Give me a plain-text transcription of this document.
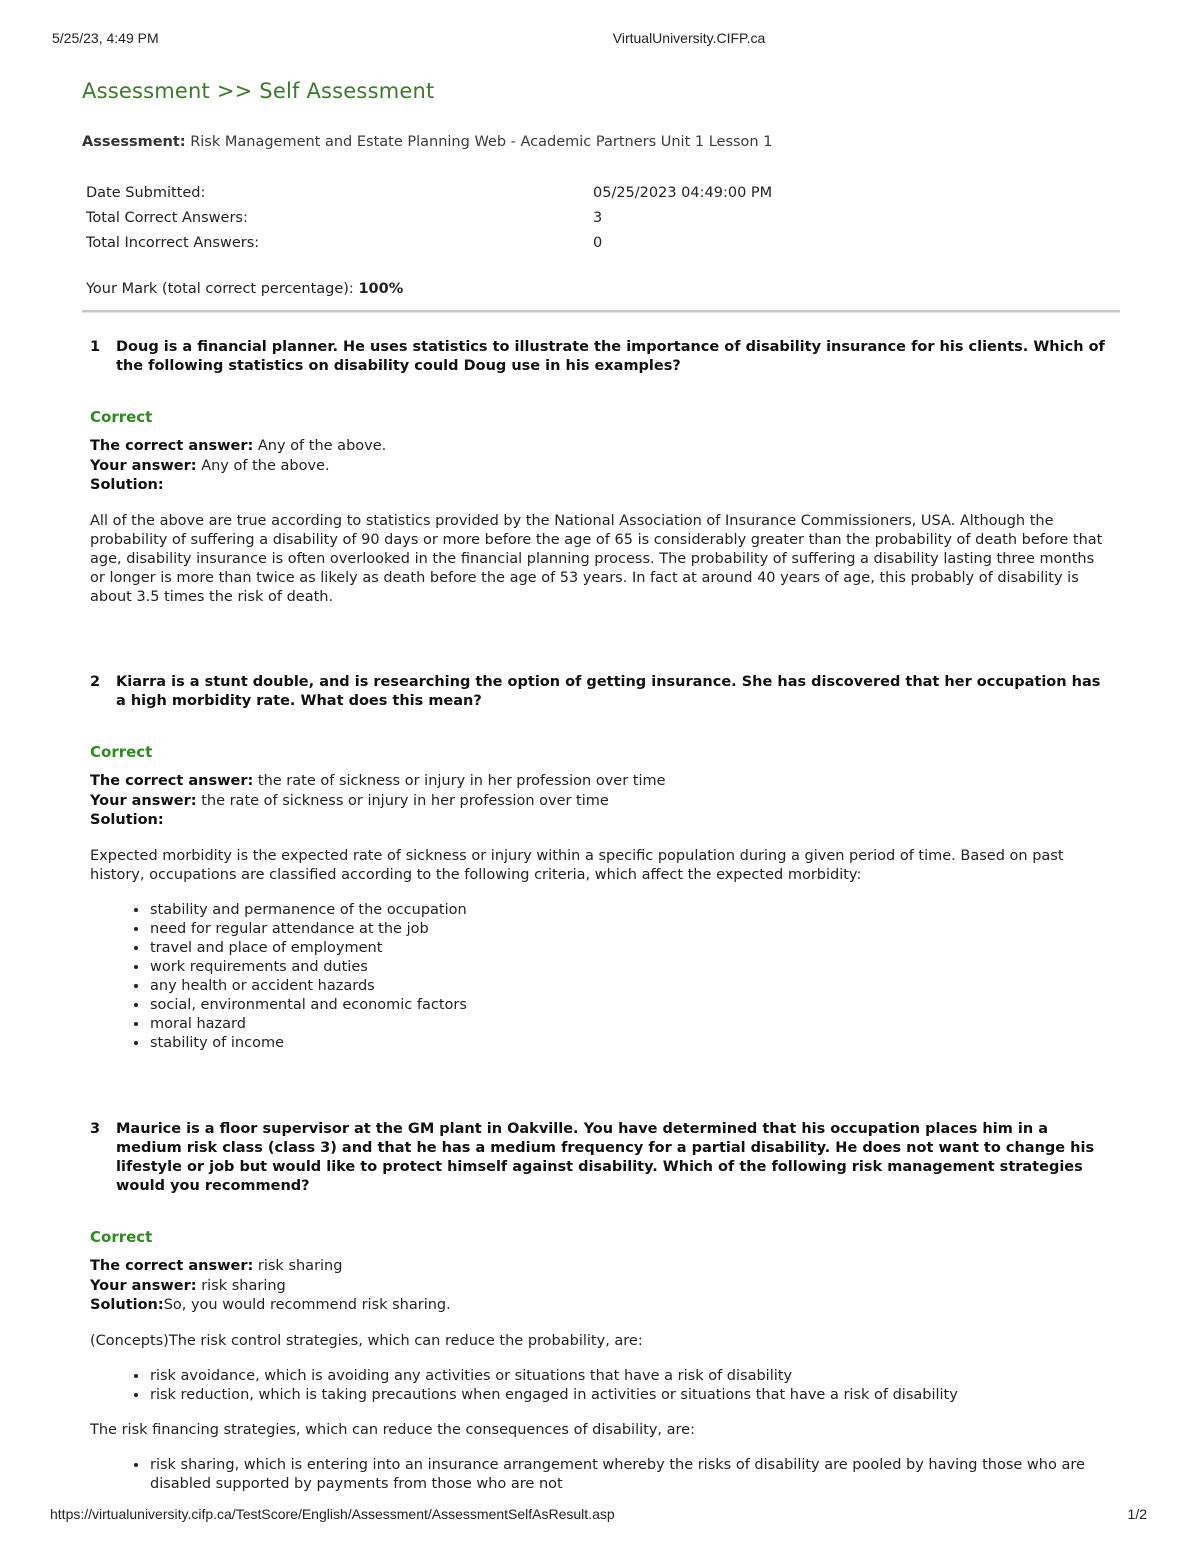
5/25/23, 4:49 PM	VirtualUniversity.CIFP.ca
Assessment >> Self Assessment
Assessment: Risk Management and Estate Planning Web - Academic Partners Unit 1 Lesson 1
Date Submitted:	05/25/2023 04:49:00 PM
Total Correct Answers:	3
Total Incorrect Answers:	0
Your Mark (total correct percentage): 100%
1	Doug is a financial planner. He uses statistics to illustrate the importance of disability insurance for his clients. Which of the following statistics on disability could Doug use in his examples?
Correct
The correct answer: Any of the above.
Your answer: Any of the above.
Solution:
All of the above are true according to statistics provided by the National Association of Insurance Commissioners, USA. Although the probability of suffering a disability of 90 days or more before the age of 65 is considerably greater than the probability of death before that age, disability insurance is often overlooked in the financial planning process. The probability of suffering a disability lasting three months or longer is more than twice as likely as death before the age of 53 years. In fact at around 40 years of age, this probably of disability is about 3.5 times the risk of death.
2	Kiarra is a stunt double, and is researching the option of getting insurance. She has discovered that her occupation has a high morbidity rate. What does this mean?
Correct
The correct answer: the rate of sickness or injury in her profession over time
Your answer: the rate of sickness or injury in her profession over time
Solution:
Expected morbidity is the expected rate of sickness or injury within a specific population during a given period of time. Based on past history, occupations are classified according to the following criteria, which affect the expected morbidity:
• stability and permanence of the occupation
• need for regular attendance at the job
• travel and place of employment
• work requirements and duties
• any health or accident hazards
• social, environmental and economic factors
• moral hazard
• stability of income
3	Maurice is a floor supervisor at the GM plant in Oakville. You have determined that his occupation places him in a medium risk class (class 3) and that he has a medium frequency for a partial disability. He does not want to change his lifestyle or job but would like to protect himself against disability. Which of the following risk management strategies would you recommend?
Correct
The correct answer: risk sharing
Your answer: risk sharing
Solution:So, you would recommend risk sharing.
(Concepts)The risk control strategies, which can reduce the probability, are:
• risk avoidance, which is avoiding any activities or situations that have a risk of disability
• risk reduction, which is taking precautions when engaged in activities or situations that have a risk of disability
The risk financing strategies, which can reduce the consequences of disability, are:
• risk sharing, which is entering into an insurance arrangement whereby the risks of disability are pooled by having those who are disabled supported by payments from those who are not
https://virtualuniversity.cifp.ca/TestScore/English/Assessment/AssessmentSelfAsResult.asp	1/2
